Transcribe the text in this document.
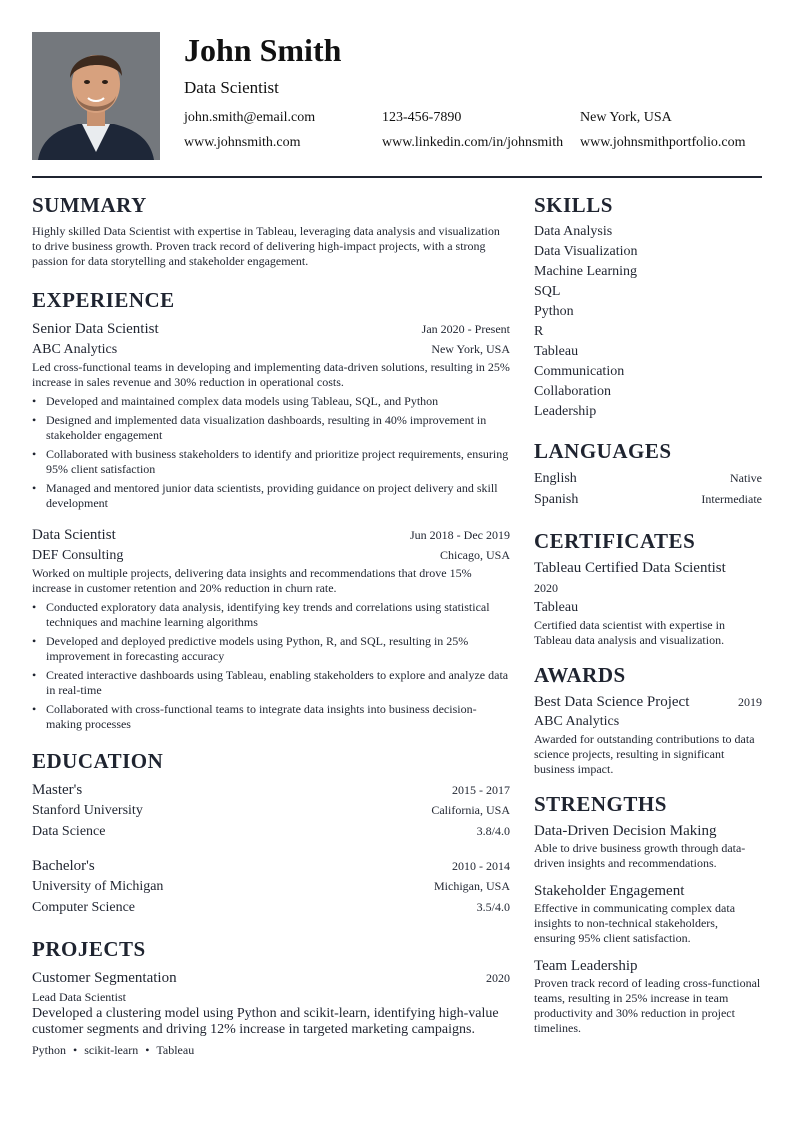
John Smith
Data Scientist
john.smith@email.com	123-456-7890	New York, USA
www.johnsmith.com	www.linkedin.com/in/johnsmith www.johnsmithportfolio.com
SUMMARY

Highly skilled Data Scientist with expertise in Tableau, leveraging data analysis and visualization to drive business growth. Proven track record of delivering high-impact projects, with a strong passion for data storytelling and stakeholder engagement.

EXPERIENCE
Senior Data Scientist	Jan 2020 - Present
ABC Analytics	New York, USA

Led cross-functional teams in developing and implementing data-driven solutions, resulting in 25% increase in sales revenue and 30% reduction in operational costs.

• Developed and maintained complex data models using Tableau, SQL, and Python
• Designed and implemented data visualization dashboards, resulting in 40% improvement in stakeholder engagement
• Collaborated with business stakeholders to identify and prioritize project requirements, ensuring 95% client satisfaction
• Managed and mentored junior data scientists, providing guidance on project delivery and skill development
Data Scientist	Jun 2018 - Dec 2019
DEF Consulting	Chicago, USA

Worked on multiple projects, delivering data insights and recommendations that drove 15% increase in customer retention and 20% reduction in churn rate.

• Conducted exploratory data analysis, identifying key trends and correlations using statistical techniques and machine learning algorithms
• Developed and deployed predictive models using Python, R, and SQL, resulting in 25% improvement in forecasting accuracy
• Created interactive dashboards using Tableau, enabling stakeholders to explore and analyze data in real-time
• Collaborated with cross-functional teams to integrate data insights into business decision-making processes
EDUCATION
Master's	2015 - 2017
Stanford University	California, USA
Data Science	3.8/4.0
Bachelor's	2010 - 2014
University of Michigan	Michigan, USA
Computer Science	3.5/4.0
PROJECTS
Customer Segmentation	2020
Lead Data Scientist

Developed a clustering model using Python and scikit-learn, identifying high-value customer segments and driving 12% increase in targeted marketing campaigns.

Python • scikit-learn • Tableau
SKILLS
Data Analysis
Data Visualization
Machine Learning
SQL
Python
R
Tableau
Communication
Collaboration
Leadership
LANGUAGES
English	Native
Spanish	Intermediate
CERTIFICATES
Tableau Certified Data Scientist
2020
Tableau

Certified data scientist with expertise in Tableau data analysis and visualization.

AWARDS
Best Data Science Project	2019
ABC Analytics

Awarded for outstanding contributions to data science projects, resulting in significant business impact.

STRENGTHS
Data-Driven Decision Making

Able to drive business growth through data-driven insights and recommendations.

Stakeholder Engagement

Effective in communicating complex data insights to non-technical stakeholders, ensuring 95% client satisfaction.

Team Leadership

Proven track record of leading cross-functional teams, resulting in 25% increase in team productivity and 30% reduction in project timelines.
